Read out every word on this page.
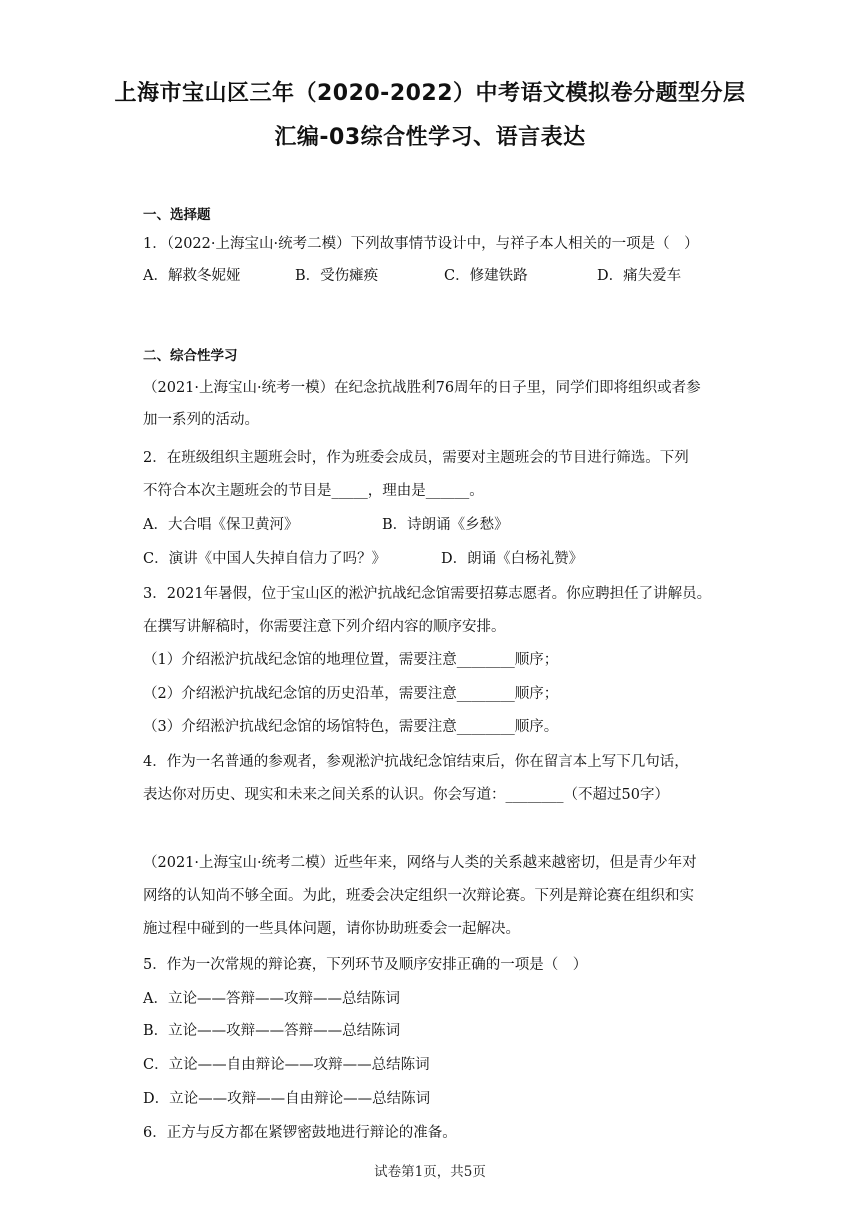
上海市宝山区三年（2020-2022）中考语文模拟卷分题型分层
汇编-03综合性学习、语言表达
一、选择题
1．（2022·上海宝山·统考二模）下列故事情节设计中，与祥子本人相关的一项是（　）
A．解救冬妮娅	B．受伤瘫痪	C．修建铁路	D．痛失爱车
二、综合性学习
（2021·上海宝山·统考一模）在纪念抗战胜利76周年的日子里，同学们即将组织或者参
加一系列的活动。
2．在班级组织主题班会时，作为班委会成员，需要对主题班会的节目进行筛选。下列
不符合本次主题班会的节目是_____，理由是______。
A．大合唱《保卫黄河》	B．诗朗诵《乡愁》
C．演讲《中国人失掉自信力了吗？》	D．朗诵《白杨礼赞》
3．2021年暑假，位于宝山区的淞沪抗战纪念馆需要招募志愿者。你应聘担任了讲解员。
在撰写讲解稿时，你需要注意下列介绍内容的顺序安排。
（1）介绍淞沪抗战纪念馆的地理位置，需要注意________顺序；
（2）介绍淞沪抗战纪念馆的历史沿革，需要注意________顺序；
（3）介绍淞沪抗战纪念馆的场馆特色，需要注意________顺序。
4．作为一名普通的参观者，参观淞沪抗战纪念馆结束后，你在留言本上写下几句话，
表达你对历史、现实和未来之间关系的认识。你会写道：________（不超过50字）
（2021·上海宝山·统考二模）近些年来，网络与人类的关系越来越密切，但是青少年对
网络的认知尚不够全面。为此，班委会决定组织一次辩论赛。下列是辩论赛在组织和实
施过程中碰到的一些具体问题，请你协助班委会一起解决。
5．作为一次常规的辩论赛，下列环节及顺序安排正确的一项是（　）
A．立论——答辩——攻辩——总结陈词
B．立论——攻辩——答辩——总结陈词
C．立论——自由辩论——攻辩——总结陈词
D．立论——攻辩——自由辩论——总结陈词
6．正方与反方都在紧锣密鼓地进行辩论的准备。
试卷第1页，共5页
